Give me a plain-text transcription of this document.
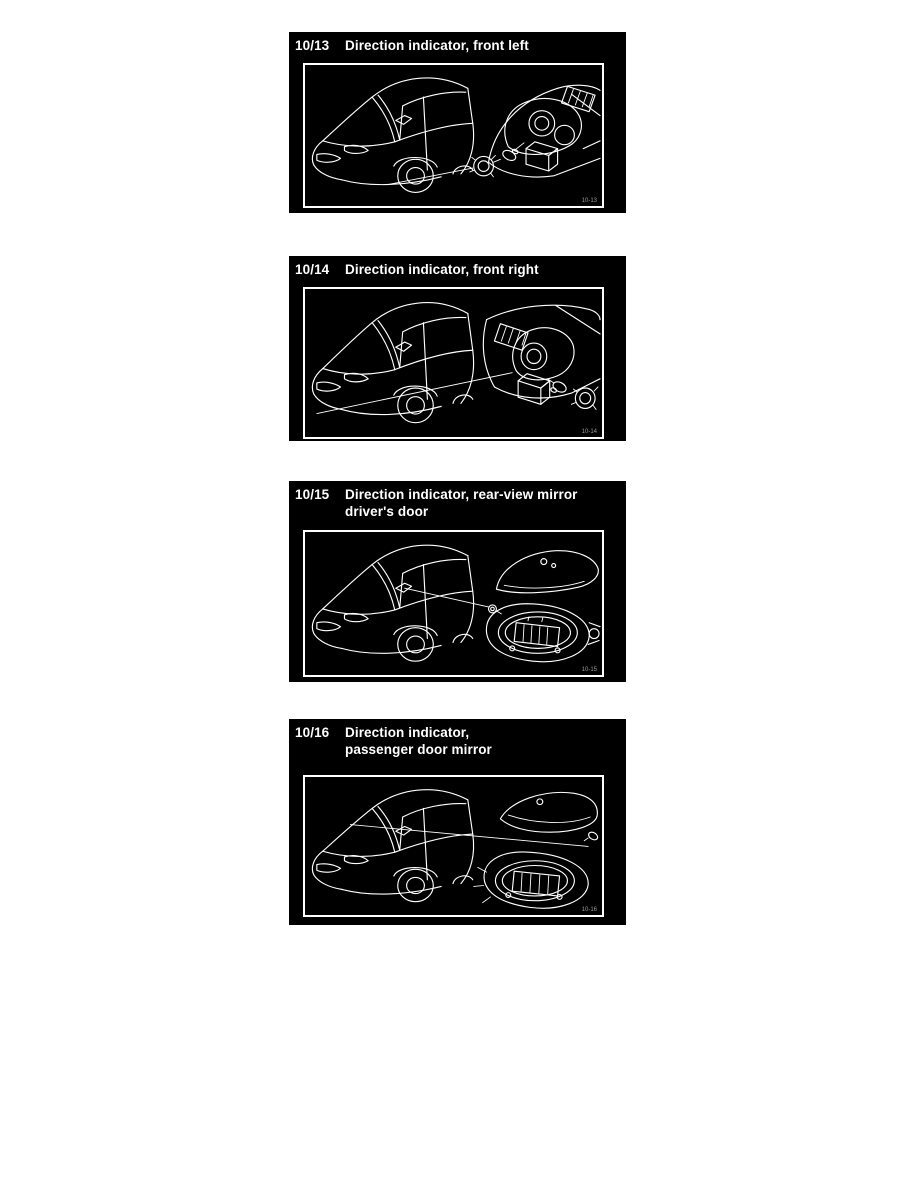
10/13	Direction indicator, front left
10-13
10/14	Direction indicator, front right
10-14
10/15	Direction indicator, rear-view mirror
driver's door
10-15
10/16	Direction indicator,
passenger door mirror
10-16
